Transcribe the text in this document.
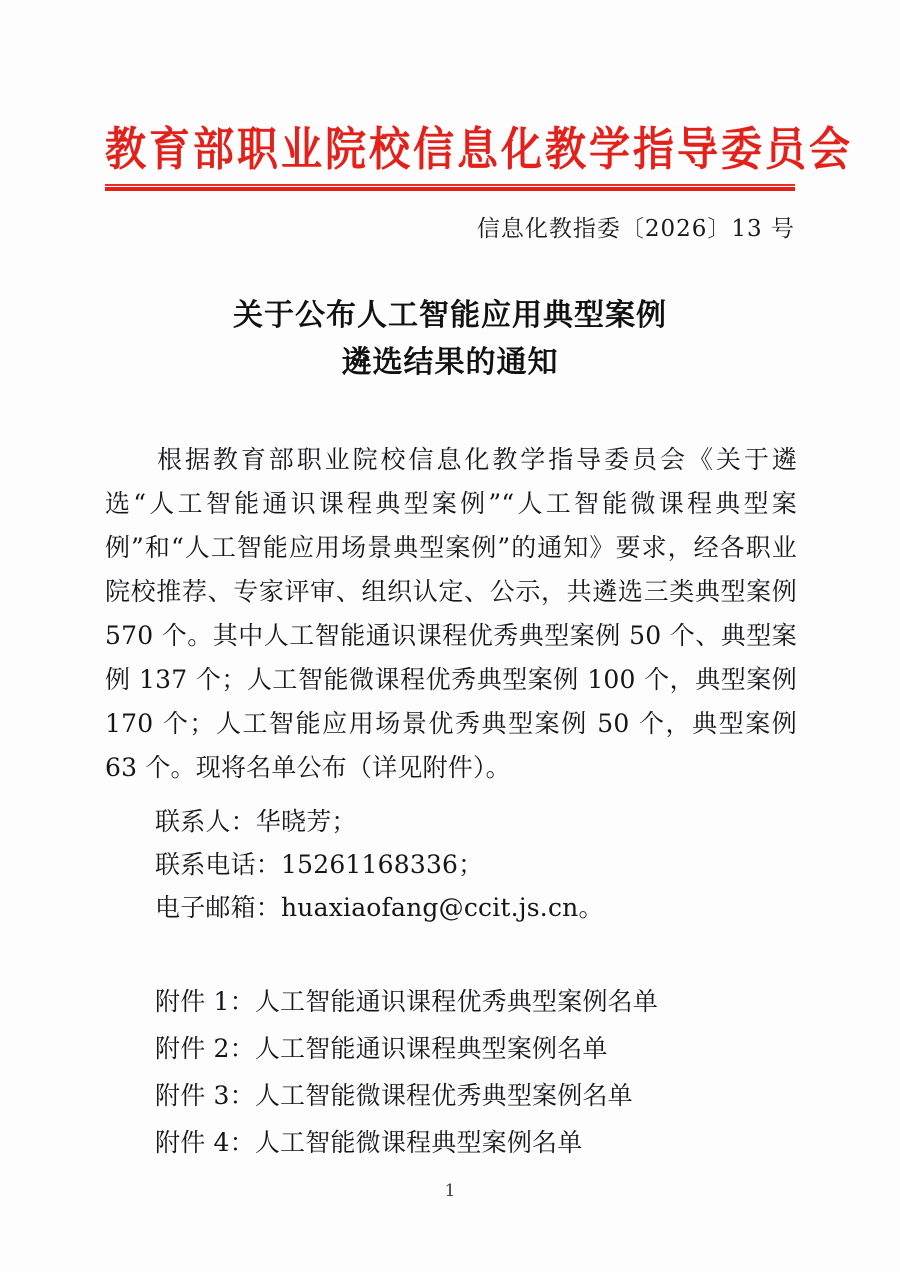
教育部职业院校信息化教学指导委员会
信息化教指委〔2026〕13 号
关于公布人工智能应用典型案例
遴选结果的通知

根据教育部职业院校信息化教学指导委员会《关于遴选“人工智能通识课程典型案例”“人工智能微课程典型案例”和“人工智能应用场景典型案例”的通知》要求，经各职业院校推荐、专家评审、组织认定、公示，共遴选三类典型案例 570 个。其中人工智能通识课程优秀典型案例 50 个、典型案例 137 个；人工智能微课程优秀典型案例 100 个，典型案例 170 个；人工智能应用场景优秀典型案例 50 个，典型案例 63 个。现将名单公布（详见附件）。

联系人：华晓芳；
联系电话：15261168336；
电子邮箱：huaxiaofang@ccit.js.cn。
附件 1：人工智能通识课程优秀典型案例名单
附件 2：人工智能通识课程典型案例名单
附件 3：人工智能微课程优秀典型案例名单
附件 4：人工智能微课程典型案例名单
1
